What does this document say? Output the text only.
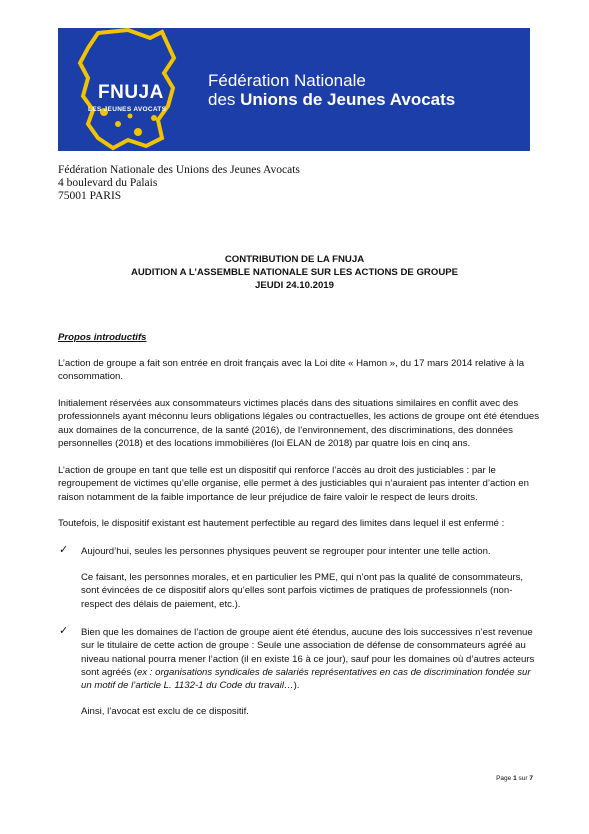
FNUJA
LES JEUNES AVOCATS
Fédération Nationale
des Unions de Jeunes Avocats
Fédération Nationale des Unions des Jeunes Avocats
4 boulevard du Palais
75001 PARIS
CONTRIBUTION DE LA FNUJA
AUDITION A L’ASSEMBLE NATIONALE SUR LES ACTIONS DE GROUPE
JEUDI 24.10.2019
Propos introductifs
L’action de groupe a fait son entrée en droit français avec la Loi dite « Hamon », du 17 mars 2014 relative à la consommation.
Initialement réservées aux consommateurs victimes placés dans des situations similaires en conflit avec des professionnels ayant méconnu leurs obligations légales ou contractuelles, les actions de groupe ont été étendues aux domaines de la concurrence, de la santé (2016), de l’environnement, des discriminations, des données personnelles (2018) et des locations immobilières (loi ELAN de 2018) par quatre lois en cinq ans.
L’action de groupe en tant que telle est un dispositif qui renforce l’accès au droit des justiciables : par le regroupement de victimes qu’elle organise, elle permet à des justiciables qui n’auraient pas intenter d’action en raison notamment de la faible importance de leur préjudice de faire valoir le respect de leurs droits.
Toutefois, le dispositif existant est hautement perfectible au regard des limites dans lequel il est enfermé :
✓ Aujourd’hui, seules les personnes physiques peuvent se regrouper pour intenter une telle action.
Ce faisant, les personnes morales, et en particulier les PME, qui n’ont pas la qualité de consommateurs, sont évincées de ce dispositif alors qu’elles sont parfois victimes de pratiques de professionnels (non-respect des délais de paiement, etc.).
✓ Bien que les domaines de l’action de groupe aient été étendus, aucune des lois successives n’est revenue sur le titulaire de cette action de groupe : Seule une association de défense de consommateurs agréé au niveau national pourra mener l’action (il en existe 16 à ce jour), sauf pour les domaines où d’autres acteurs sont agréés (ex : organisations syndicales de salariés représentatives en cas de discrimination fondée sur un motif de l’article L. 1132-1 du Code du travail…).
Ainsi, l’avocat est exclu de ce dispositif.
Page 1 sur 7
